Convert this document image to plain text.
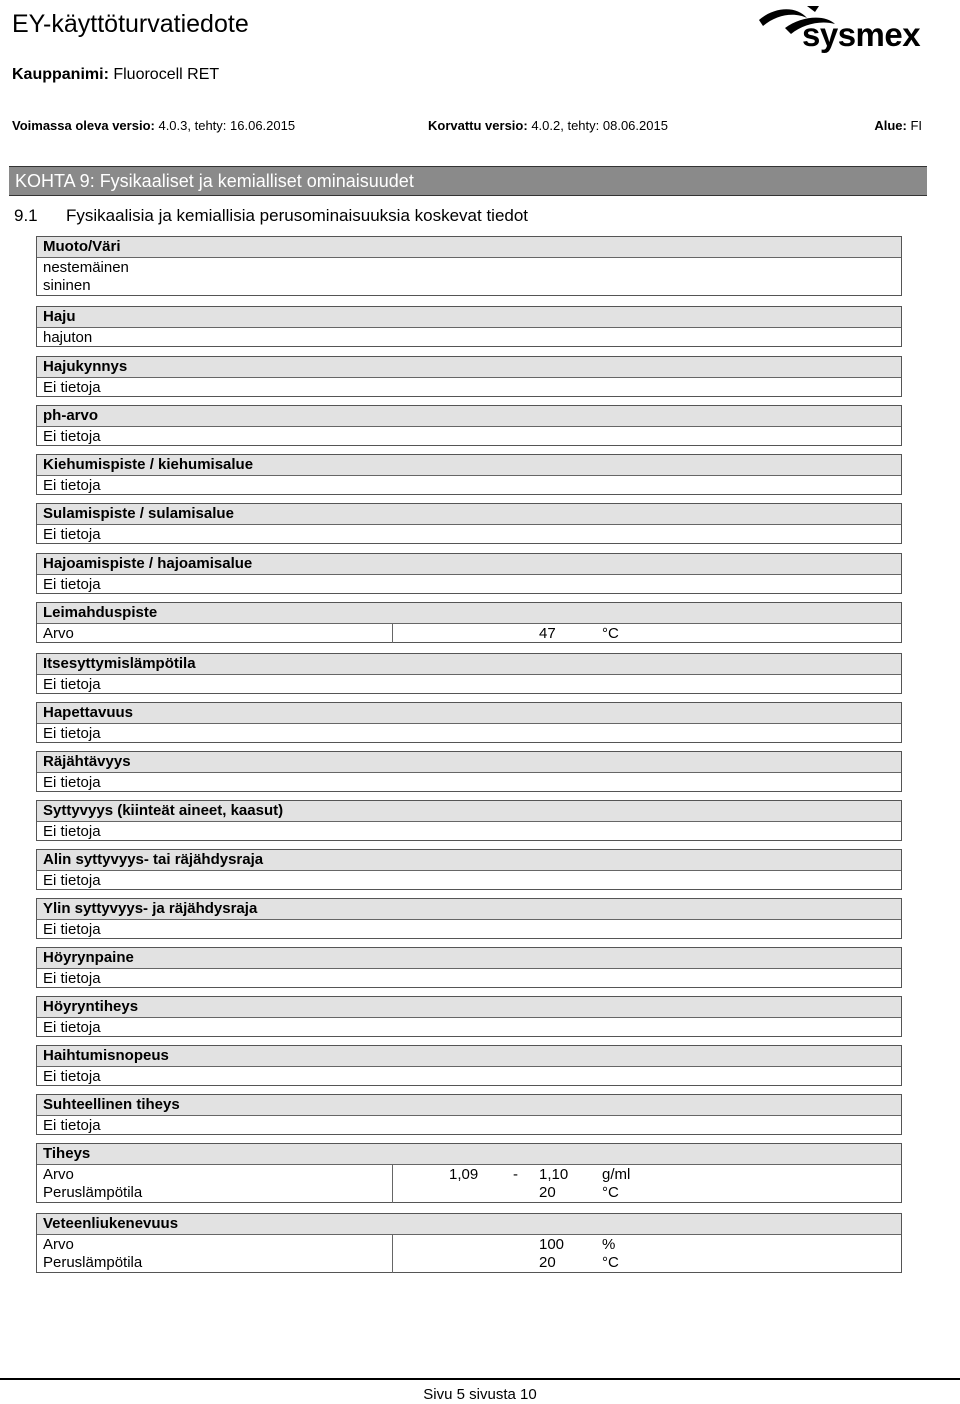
EY-käyttöturvatiedote	sysmex
Kauppanimi: Fluorocell RET
Voimassa oleva versio: 4.0.3, tehty: 16.06.2015	Korvattu versio: 4.0.2, tehty: 08.06.2015	Alue: FI
KOHTA 9: Fysikaaliset ja kemialliset ominaisuudet
9.1 Fysikaalisia ja kemiallisia perusominaisuuksia koskevat tiedot
Muoto/Väri
nestemäinen
sininen
Haju
hajuton
Hajukynnys
Ei tietoja
ph-arvo
Ei tietoja
Kiehumispiste / kiehumisalue
Ei tietoja
Sulamispiste / sulamisalue
Ei tietoja
Hajoamispiste / hajoamisalue
Ei tietoja
Leimahduspiste
Arvo	47	°C
Itsesyttymislämpötila
Ei tietoja
Hapettavuus
Ei tietoja
Räjähtävyys
Ei tietoja
Syttyvyys (kiinteät aineet, kaasut)
Ei tietoja
Alin syttyvyys- tai räjähdysraja
Ei tietoja
Ylin syttyvyys- ja räjähdysraja
Ei tietoja
Höyrynpaine
Ei tietoja
Höyryntiheys
Ei tietoja
Haihtumisnopeus
Ei tietoja
Suhteellinen tiheys
Ei tietoja
Tiheys
Arvo	1,09 - 1,10 g/ml
Peruslämpötila	20	°C
Veteenliukenevuus
Arvo	100	%
Peruslämpötila	20	°C
Sivu 5 sivusta 10
